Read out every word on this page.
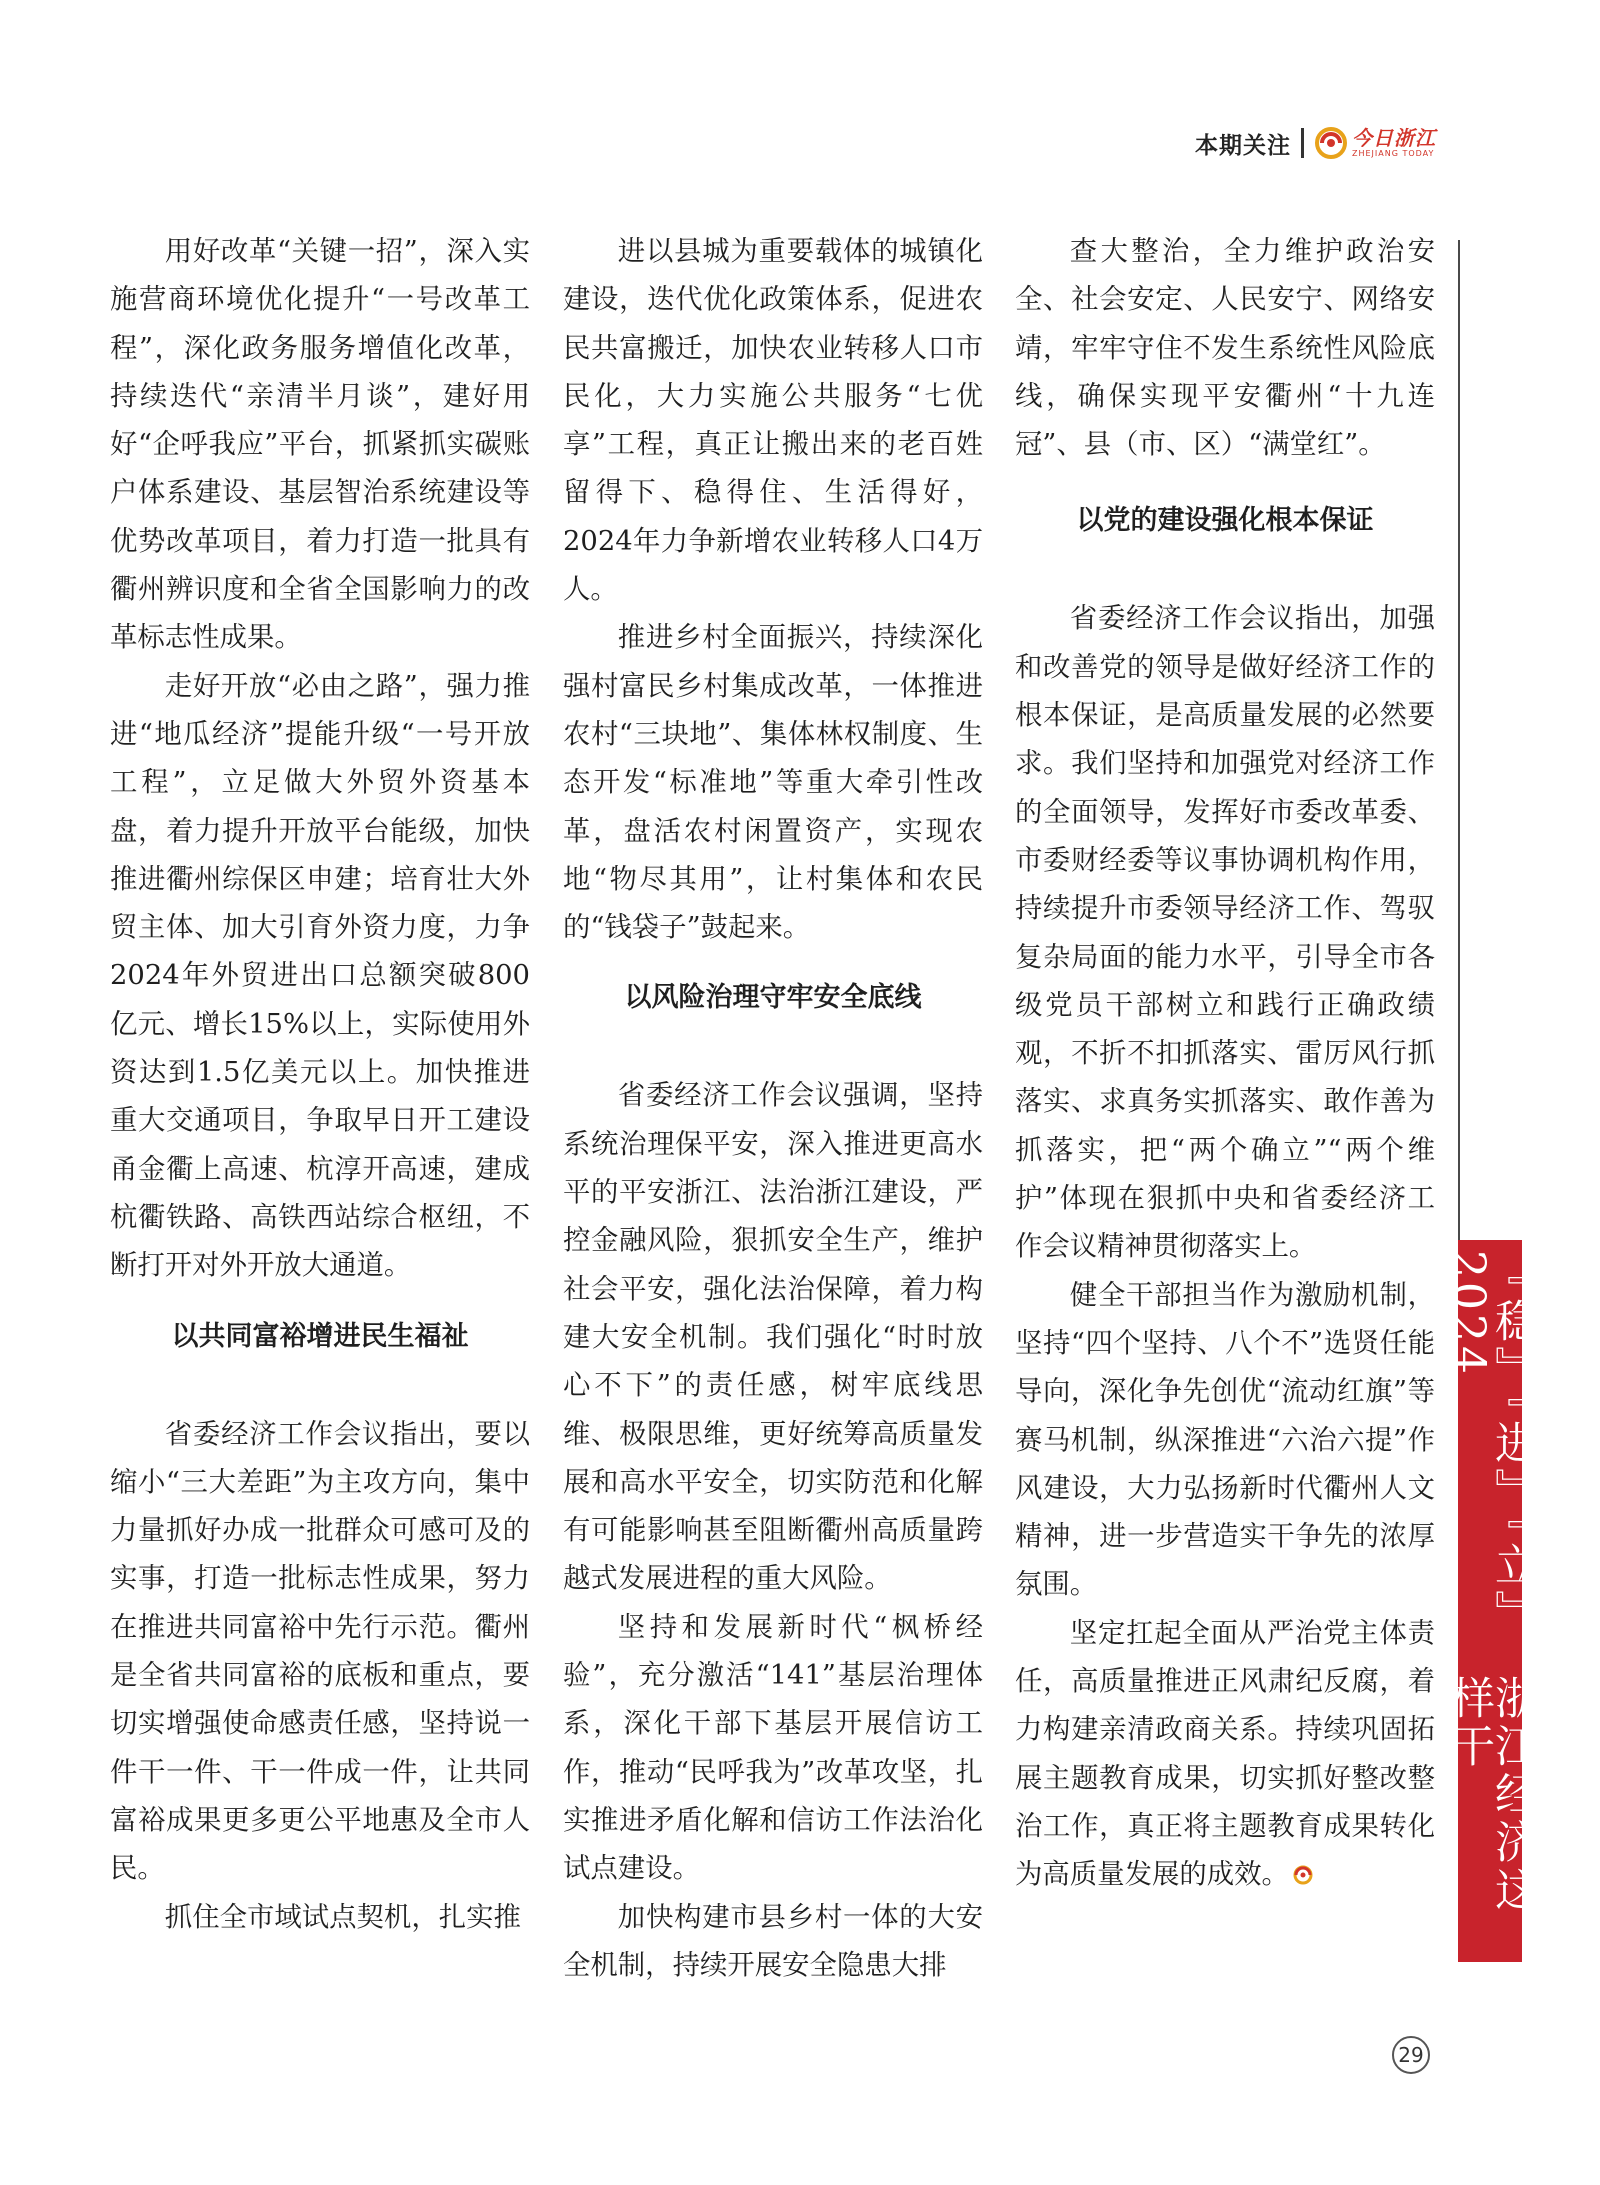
本期关注	今日浙江
ZHEJIANG TODAY

用好改革“关键一招”，深入实施营商环境优化提升“一号改革工程”，深化政务服务增值化改革，持续迭代“亲清半月谈”，建好用好“企呼我应”平台，抓紧抓实碳账户体系建设、基层智治系统建设等优势改革项目，着力打造一批具有衢州辨识度和全省全国影响力的改革标志性成果。

走好开放“必由之路”，强力推进“地瓜经济”提能升级“一号开放工程”，立足做大外贸外资基本盘，着力提升开放平台能级，加快推进衢州综保区申建；培育壮大外贸主体、加大引育外资力度，力争2024年外贸进出口总额突破800亿元、增长15%以上，实际使用外资达到1.5亿美元以上。加快推进重大交通项目，争取早日开工建设甬金衢上高速、杭淳开高速，建成杭衢铁路、高铁西站综合枢纽，不断打开对外开放大通道。

以共同富裕增进民生福祉

省委经济工作会议指出，要以缩小“三大差距”为主攻方向，集中力量抓好办成一批群众可感可及的实事，打造一批标志性成果，努力在推进共同富裕中先行示范。衢州是全省共同富裕的底板和重点，要切实增强使命感责任感，坚持说一件干一件、干一件成一件，让共同富裕成果更多更公平地惠及全市人民。

抓住全市域试点契机，扎实推

进以县城为重要载体的城镇化建设，迭代优化政策体系，促进农民共富搬迁，加快农业转移人口市民化，大力实施公共服务“七优享”工程，真正让搬出来的老百姓留得下、稳得住、生活得好，2024年力争新增农业转移人口4万人。

推进乡村全面振兴，持续深化强村富民乡村集成改革，一体推进农村“三块地”、集体林权制度、生态开发“标准地”等重大牵引性改革，盘活农村闲置资产，实现农地“物尽其用”，让村集体和农民的“钱袋子”鼓起来。

以风险治理守牢安全底线

省委经济工作会议强调，坚持系统治理保平安，深入推进更高水平的平安浙江、法治浙江建设，严控金融风险，狠抓安全生产，维护社会平安，强化法治保障，着力构建大安全机制。我们强化“时时放心不下”的责任感，树牢底线思维、极限思维，更好统筹高质量发展和高水平安全，切实防范和化解有可能影响甚至阻断衢州高质量跨越式发展进程的重大风险。

坚持和发展新时代“枫桥经验”，充分激活“141”基层治理体系，深化干部下基层开展信访工作，推动“民呼我为”改革攻坚，扎实推进矛盾化解和信访工作法治化试点建设。

加快构建市县乡村一体的大安全机制，持续开展安全隐患大排

查大整治，全力维护政治安全、社会安定、人民安宁、网络安靖，牢牢守住不发生系统性风险底线，确保实现平安衢州“十九连冠”、县（市、区）“满堂红”。

以党的建设强化根本保证

省委经济工作会议指出，加强和改善党的领导是做好经济工作的根本保证，是高质量发展的必然要求。我们坚持和加强党对经济工作的全面领导，发挥好市委改革委、市委财经委等议事协调机构作用，持续提升市委领导经济工作、驾驭复杂局面的能力水平，引导全市各级党员干部树立和践行正确政绩观，不折不扣抓落实、雷厉风行抓落实、求真务实抓落实、敢作善为抓落实，把“两个确立”“两个维护”体现在狠抓中央和省委经济工作会议精神贯彻落实上。

健全干部担当作为激励机制，坚持“四个坚持、八个不”选贤任能导向，深化争先创优“流动红旗”等赛马机制，纵深推进“六治六提”作风建设，大力弘扬新时代衢州人文精神，进一步营造实干争先的浓厚氛围。

坚定扛起全面从严治党主体责任，高质量推进正风肃纪反腐，着力构建亲清政商关系。持续巩固拓展主题教育成果，切实抓好整改整治工作，真正将主题教育成果转化为高质量发展的成效。

『稳』『进』『立』2024
浙江经济这样干
29
